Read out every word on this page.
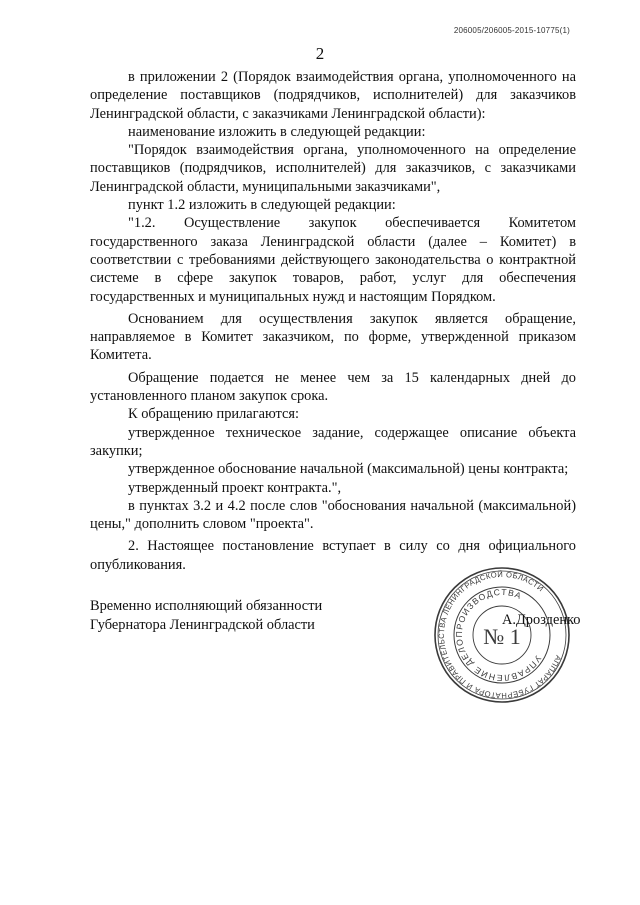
206005/206005-2015-10775(1)
2

в приложении 2 (Порядок взаимодействия органа, уполномоченного на определение поставщиков (подрядчиков, исполнителей) для заказчиков Ленинградской области, с заказчиками Ленинградской области):

наименование изложить в следующей редакции:

"Порядок взаимодействия органа, уполномоченного на определение поставщиков (подрядчиков, исполнителей) для заказчиков, с заказчиками Ленинградской области, муниципальными заказчиками",

пункт 1.2 изложить в следующей редакции:

"1.2. Осуществление закупок обеспечивается Комитетом государственного заказа Ленинградской области (далее – Комитет) в соответствии с требованиями действующего законодательства о контрактной системе в сфере закупок товаров, работ, услуг для обеспечения государственных и муниципальных нужд и настоящим Порядком.

Основанием для осуществления закупок является обращение, направляемое в Комитет заказчиком, по форме, утвержденной приказом Комитета.

Обращение подается не менее чем за 15 календарных дней до установленного планом закупок срока.

К обращению прилагаются:

утвержденное техническое задание, содержащее описание объекта закупки;

утвержденное обоснование начальной (максимальной) цены контракта;

утвержденный проект контракта.",

в пунктах 3.2 и 4.2 после слов "обоснования начальной (максимальной) цены," дополнить словом "проекта".

2. Настоящее постановление вступает в силу со дня официального опубликования.

АППАРАТ ГУБЕРНАТОРА И ПРАВИТЕЛЬСТВА ЛЕНИНГРАДСКОЙ ОБЛАСТИ
УПРАВЛЕНИЕ ДЕЛОПРОИЗВОДСТВА
№ 1
Временно исполняющий обязанности
Губернатора Ленинградской области	А.Дрозденко
